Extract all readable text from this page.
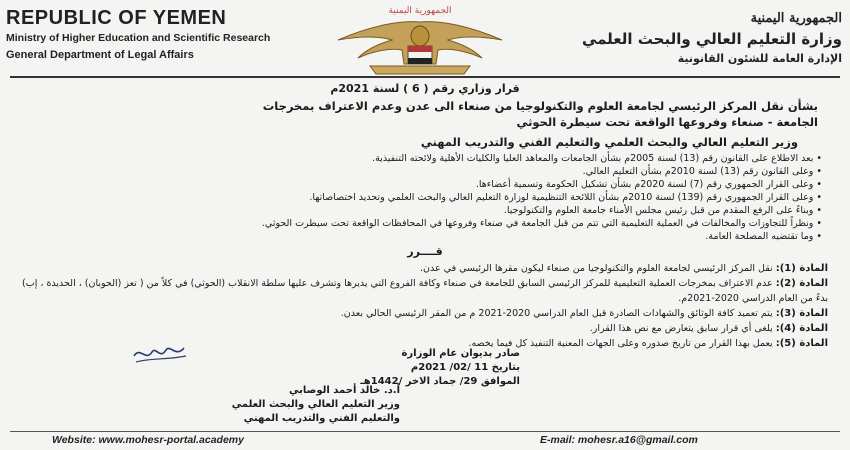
REPUBLIC OF YEMEN
Ministry of Higher Education and Scientific Research
General Department of Legal Affairs
الجمهورية اليمنية	الجمهورية اليمنية
وزارة التعليم العالي والبحث العلمي
الإدارة العامة للشئون القانونية
قرار وزاري رقم ( 6 ) لسنة 2021م
بشأن نقل المركز الرئيسي لجامعة العلوم والتكنولوجيا من صنعاء الى عدن وعدم الاعتراف بمخرجات
الجامعة - صنعاء وفروعها الواقعة تحت سيطرة الحوثي
وزير التعليم العالي والبحث العلمي والتعليم الفني والتدريب المهني
• بعد الاطلاع على القانون رقم (13) لسنة 2005م بشأن الجامعات والمعاهد العليا والكليات الأهلية ولائحته التنفيذية.
• وعلى القانون رقم (13) لسنة 2010م بشأن التعليم العالي.
• وعلى القرار الجمهوري رقم (7) لسنة 2020م بشأن تشكيل الحكومة وتسمية أعضاءها.
• وعلى القرار الجمهوري رقم (139) لسنة 2010م بشأن اللائحة التنظيمية لوزارة التعليم العالي والبحث العلمي وتحديد اختصاصاتها.
• وبناءً على الرفع المقدم من قبل رئيس مجلس الأمناء جامعة العلوم والتكنولوجيا.
• ونظراً للتجاوزات والمخالفات في العملية التعليمية التي تتم من قبل الجامعة في صنعاء وفروعها في المحافظات الواقعة تحت سيطرت الحوثي.
• وما تقتضيه المصلحة العامة.
قــــرر
المادة (1): نقل المركز الرئيسي لجامعة العلوم والتكنولوجيا من صنعاء ليكون مقرها الرئيسي في عدن.
المادة (2): عدم الاعتراف بمخرجات العملية التعليمية للمركز الرئيسي السابق للجامعة في صنعاء وكافة الفروع التي يديرها وتشرف عليها سلطة الانقلاب (الحوثي) في كلاً من ( تعز (الحوبان) ، الحديدة ، إب) بدءً من العام الدراسي 2020-2021م.
المادة (3): يتم تعميد كافة الوثائق والشهادات الصادرة قبل العام الدراسي 2020-2021 م من المقر الرئيسي الحالي بعدن.
المادة (4): يلغى أي قرار سابق يتعارض مع نص هذا القرار.
المادة (5): يعمل بهذا القرار من تاريخ صدوره وعلى الجهات المعنية التنفيذ كل فيما يخصه.
صادر بديوان عام الوزارة
بتاريخ 11 /02/ 2021م
الموافق 29/ جماد الاخر /1442هـ
أ.د. خالد أحمد الوصابي
وزير التعليم العالي والبحث العلمي
والتعليم الفني والتدريب المهني
Website: www.mohesr-portal.academy	E-mail: mohesr.a16@gmail.com
